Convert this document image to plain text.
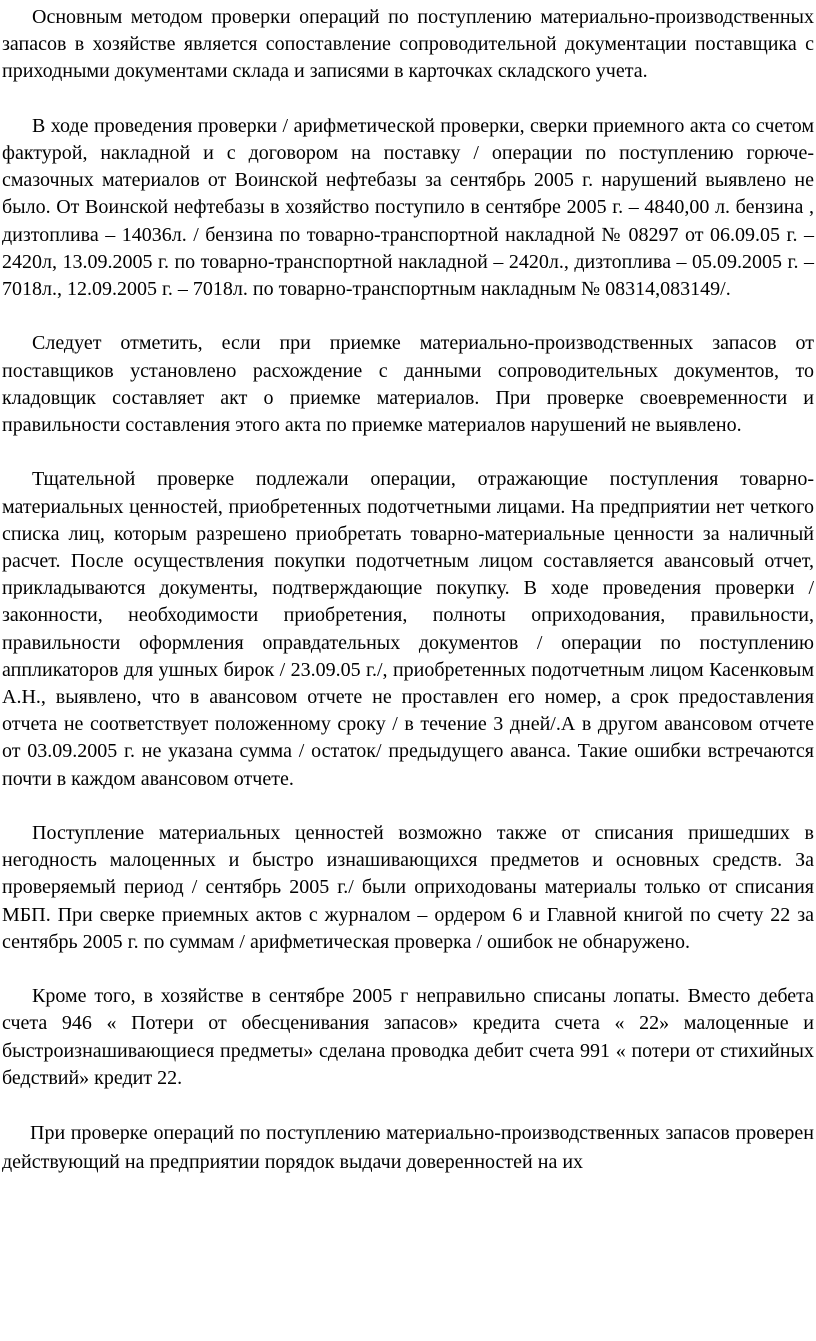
Основным методом проверки операций по поступлению материально-производственных запасов в хозяйстве является сопоставление сопроводительной документации поставщика с приходными документами склада и записями в карточках складского учета.

В ходе проведения проверки / арифметической проверки, сверки приемного акта со счетом фактурой, накладной и с договором на поставку / операции по поступлению горюче-смазочных материалов от Воинской нефтебазы за сентябрь 2005 г. нарушений выявлено не было. От Воинской нефтебазы в хозяйство поступило в сентябре 2005 г. – 4840,00 л. бензина , дизтоплива – 14036л. / бензина по товарно-транспортной накладной № 08297 от 06.09.05 г. – 2420л, 13.09.2005 г. по товарно-транспортной накладной – 2420л., дизтоплива – 05.09.2005 г. – 7018л., 12.09.2005 г. – 7018л. по товарно-транспортным накладным № 08314,083149/.

Следует отметить, если при приемке материально-производственных запасов от поставщиков установлено расхождение с данными сопроводительных документов, то кладовщик составляет акт о приемке материалов. При проверке своевременности и правильности составления этого акта по приемке материалов нарушений не выявлено.

Тщательной проверке подлежали операции, отражающие поступления товарно-материальных ценностей, приобретенных подотчетными лицами. На предприятии нет четкого списка лиц, которым разрешено приобретать товарно-материальные ценности за наличный расчет. После осуществления покупки подотчетным лицом составляется авансовый отчет, прикладываются документы, подтверждающие покупку. В ходе проведения проверки / законности, необходимости приобретения, полноты оприходования, правильности, правильности оформления оправдательных документов / операции по поступлению аппликаторов для ушных бирок / 23.09.05 г./, приобретенных подотчетным лицом Касенковым А.Н., выявлено, что в авансовом отчете не проставлен его номер, а срок предоставления отчета не соответствует положенному сроку / в течение 3 дней/.А в другом авансовом отчете от 03.09.2005 г. не указана сумма / остаток/ предыдущего аванса. Такие ошибки встречаются почти в каждом авансовом отчете.

Поступление материальных ценностей возможно также от списания пришедших в негодность малоценных и быстро изнашивающихся предметов и основных средств. За проверяемый период / сентябрь 2005 г./ были оприходованы материалы только от списания МБП. При сверке приемных актов с журналом – ордером 6 и Главной книгой по счету 22 за сентябрь 2005 г. по суммам / арифметическая проверка / ошибок не обнаружено.

Кроме того, в хозяйстве в сентябре 2005 г неправильно списаны лопаты. Вместо дебета счета 946 « Потери от обесценивания запасов» кредита счета « 22» малоценные и быстроизнашивающиеся предметы» сделана проводка дебит счета 991 « потери от стихийных бедствий» кредит 22.

При проверке операций по поступлению материально-производственных запасов проверен действующий на предприятии порядок выдачи доверенностей на их
